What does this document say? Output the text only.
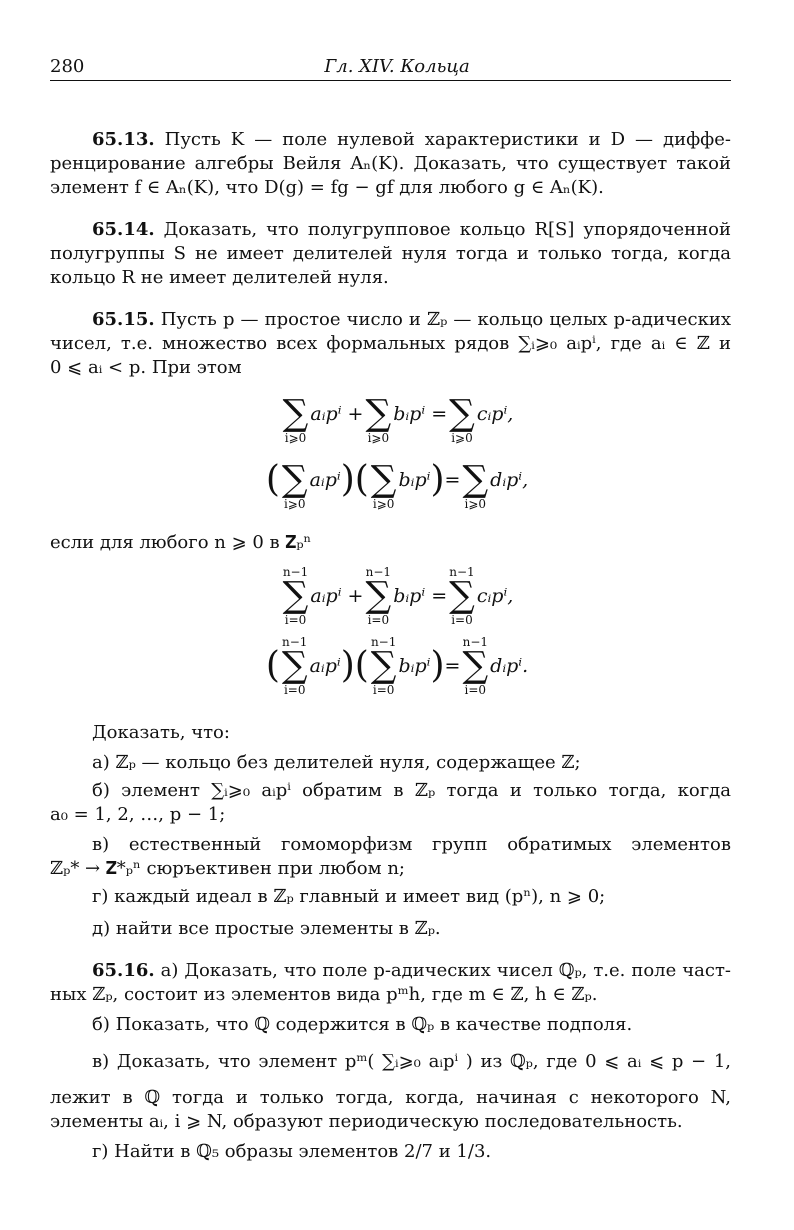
280	Гл. XIV. Кольца
65.13. Пусть K — поле нулевой характеристики и D — диффе-
ренцирование алгебры Вейля Aₙ(K). Доказать, что существует такой
элемент f ∈ Aₙ(K), что D(g) = fg − gf для любого g ∈ Aₙ(K).
65.14. Доказать, что полугрупповое кольцо R[S] упорядоченной
полугруппы S не имеет делителей нуля тогда и только тогда, когда
кольцо R не имеет делителей нуля.
65.15. Пусть p — простое число и ℤₚ — кольцо целых p-адических
чисел, т.е. множество всех формальных рядов ∑ᵢ⩾₀ aᵢpⁱ, где aᵢ ∈ ℤ и
0 ⩽ aᵢ < p. При этом

∑
i⩾0
aᵢpⁱ +
∑
i⩾0
bᵢpⁱ =
∑
i⩾0
cᵢpⁱ,
(
∑
i⩾0
aᵢpⁱ ) (
∑
i⩾0
bᵢpⁱ ) =
∑
i⩾0
dᵢpⁱ,
если для любого n ⩾ 0 в 𝐙ₚⁿ
n−1
∑
i=0
aᵢpⁱ +
n−1
∑
i=0
bᵢpⁱ =
n−1
∑
i=0
cᵢpⁱ,
(
n−1
∑
i=0
aᵢpⁱ ) (
n−1
∑
i=0
bᵢpⁱ ) =
n−1
∑
i=0
dᵢpⁱ.
Доказать, что:
а) ℤₚ — кольцо без делителей нуля, содержащее ℤ;
б) элемент ∑ᵢ⩾₀ aᵢpⁱ обратим в ℤₚ тогда и только тогда, когда
a₀ = 1, 2, …, p − 1;
в) естественный гомоморфизм групп обратимых элементов
ℤₚ* → 𝐙*ₚⁿ сюръективен при любом n;
г) каждый идеал в ℤₚ главный и имеет вид (pⁿ), n ⩾ 0;
д) найти все простые элементы в ℤₚ.
65.16. а) Доказать, что поле p-адических чисел ℚₚ, т.е. поле част-
ных ℤₚ, состоит из элементов вида pᵐh, где m ∈ ℤ, h ∈ ℤₚ.
б) Показать, что ℚ содержится в ℚₚ в качестве подполя.
в) Доказать, что элемент pᵐ( ∑ᵢ⩾₀ aᵢpⁱ ) из ℚₚ, где 0 ⩽ aᵢ ⩽ p − 1,
лежит в ℚ тогда и только тогда, когда, начиная с некоторого N,
элементы aᵢ, i ⩾ N, образуют периодическую последовательность.
г) Найти в ℚ₅ образы элементов 2/7 и 1/3.
